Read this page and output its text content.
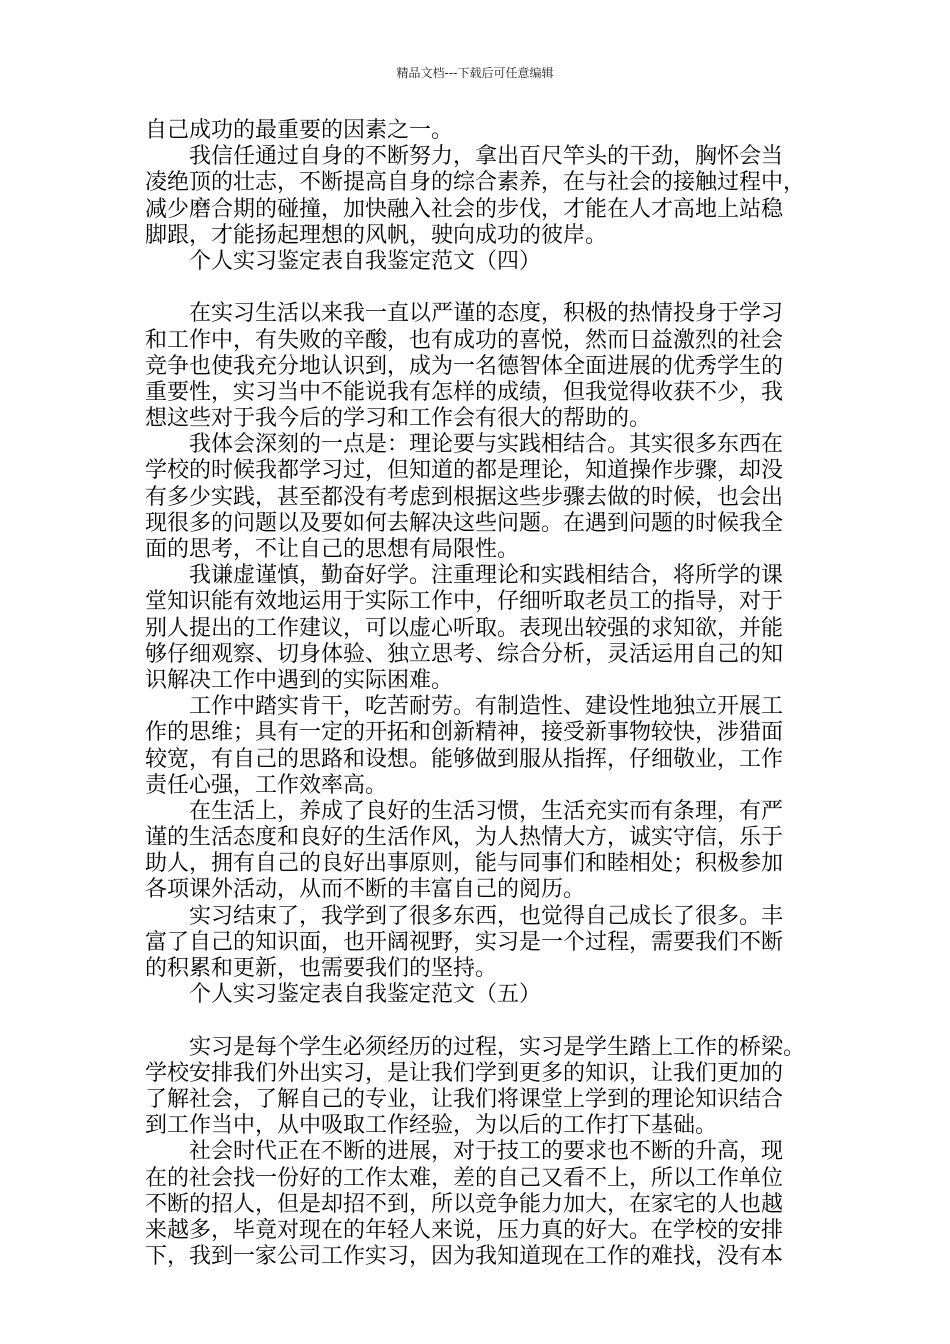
精品文档---下载后可任意编辑
自己成功的最重要的因素之一。
　　我信任通过自身的不断努力，拿出百尺竿头的干劲，胸怀会当
凌绝顶的壮志，不断提高自身的综合素养，在与社会的接触过程中，
减少磨合期的碰撞，加快融入社会的步伐，才能在人才高地上站稳
脚跟，才能扬起理想的风帆，驶向成功的彼岸。
　　个人实习鉴定表自我鉴定范文（四）
　　在实习生活以来我一直以严谨的态度，积极的热情投身于学习
和工作中，有失败的辛酸，也有成功的喜悦，然而日益激烈的社会
竞争也使我充分地认识到，成为一名德智体全面进展的优秀学生的
重要性，实习当中不能说我有怎样的成绩，但我觉得收获不少，我
想这些对于我今后的学习和工作会有很大的帮助的。
　　我体会深刻的一点是：理论要与实践相结合。其实很多东西在
学校的时候我都学习过，但知道的都是理论，知道操作步骤，却没
有多少实践，甚至都没有考虑到根据这些步骤去做的时候，也会出
现很多的问题以及要如何去解决这些问题。在遇到问题的时候我全
面的思考，不让自己的思想有局限性。
　　我谦虚谨慎，勤奋好学。注重理论和实践相结合，将所学的课
堂知识能有效地运用于实际工作中，仔细听取老员工的指导，对于
别人提出的工作建议，可以虚心听取。表现出较强的求知欲，并能
够仔细观察、切身体验、独立思考、综合分析，灵活运用自己的知
识解决工作中遇到的实际困难。
　　工作中踏实肯干，吃苦耐劳。有制造性、建设性地独立开展工
作的思维；具有一定的开拓和创新精神，接受新事物较快，涉猎面
较宽，有自己的思路和设想。能够做到服从指挥，仔细敬业，工作
责任心强，工作效率高。
　　在生活上，养成了良好的生活习惯，生活充实而有条理，有严
谨的生活态度和良好的生活作风，为人热情大方，诚实守信，乐于
助人，拥有自己的良好出事原则，能与同事们和睦相处；积极参加
各项课外活动，从而不断的丰富自己的阅历。
　　实习结束了，我学到了很多东西，也觉得自己成长了很多。丰
富了自己的知识面，也开阔视野，实习是一个过程，需要我们不断
的积累和更新，也需要我们的坚持。
　　个人实习鉴定表自我鉴定范文（五）
　　实习是每个学生必须经历的过程，实习是学生踏上工作的桥梁。
学校安排我们外出实习，是让我们学到更多的知识，让我们更加的
了解社会，了解自己的专业，让我们将课堂上学到的理论知识结合
到工作当中，从中吸取工作经验，为以后的工作打下基础。
　　社会时代正在不断的进展，对于技工的要求也不断的升高，现
在的社会找一份好的工作太难，差的自己又看不上，所以工作单位
不断的招人，但是却招不到，所以竞争能力加大，在家宅的人也越
来越多，毕竟对现在的年轻人来说，压力真的好大。在学校的安排
下，我到一家公司工作实习，因为我知道现在工作的难找，没有本
